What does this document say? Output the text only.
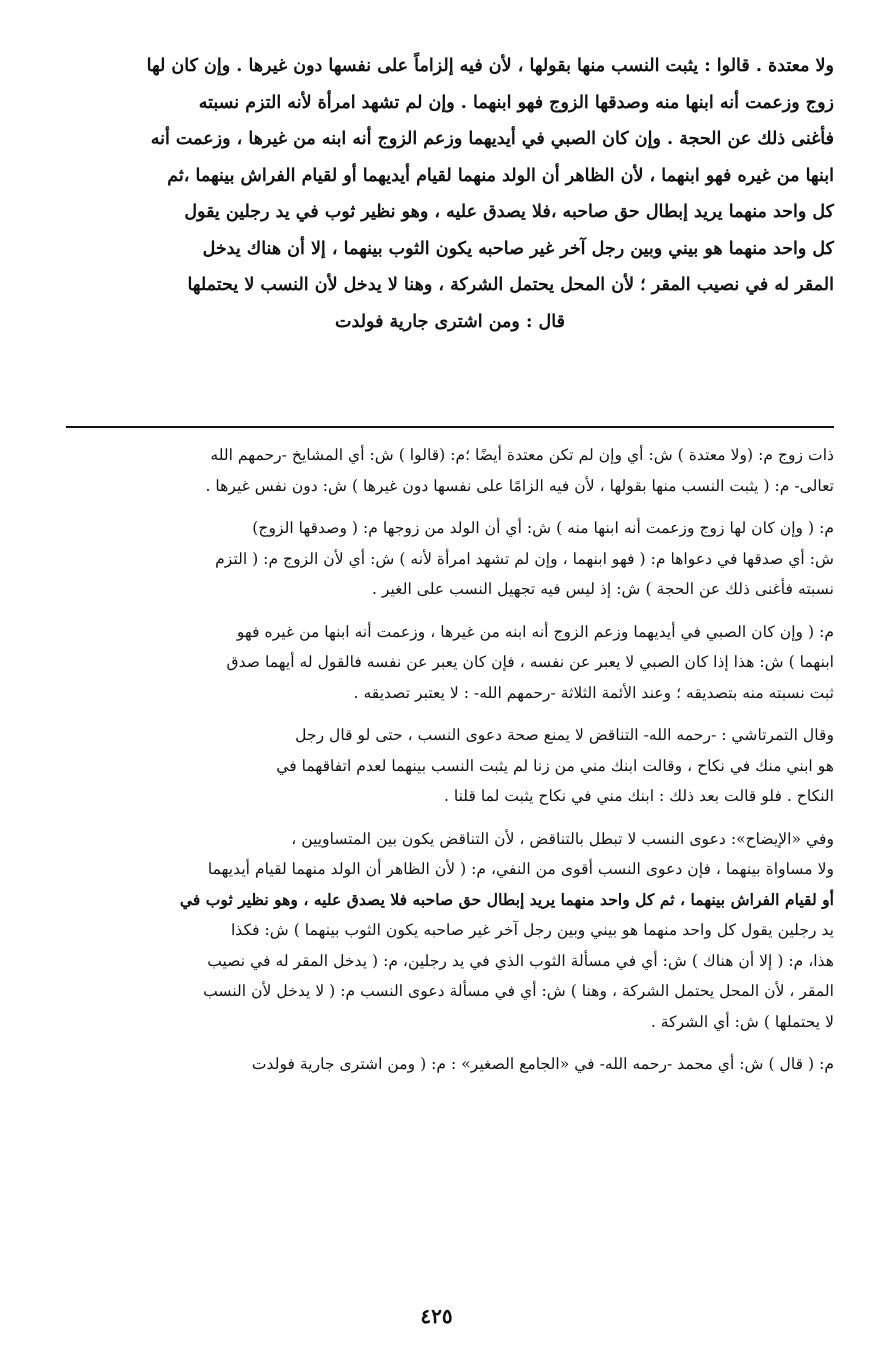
ولا معتدة . قالوا : يثبت النسب منها بقولها ، لأن فيه إلزاماً على نفسها دون غيرها . وإن كان لها

زوج وزعمت أنه ابنها منه وصدقها الزوج فهو ابنهما . وإن لم تشهد امرأة لأنه التزم نسبته

فأغنى ذلك عن الحجة . وإن كان الصبي في أيديهما وزعم الزوج أنه ابنه من غيرها ، وزعمت أنه

ابنها من غيره فهو ابنهما ، لأن الظاهر أن الولد منهما لقيام أيديهما أو لقيام الفراش بينهما ،ثم

كل واحد منهما يريد إبطال حق صاحبه ،فلا يصدق عليه ، وهو نظير ثوب في يد رجلين يقول

كل واحد منهما هو بيني وبين رجل آخر غير صاحبه يكون الثوب بينهما ، إلا أن هناك يدخل

المقر له في نصيب المقر ؛ لأن المحل يحتمل الشركة ، وهنا لا يدخل لأن النسب لا يحتملها

قال : ومن اشترى جارية فولدت

ذات زوج م: (ولا معتدة ) ش: أي وإن لم تكن معتدة أيضًا ؛م: (قالوا ) ش: أي المشايخ -رحمهم الله

تعالى- م: ( يثبت النسب منها بقولها ، لأن فيه الزامًا على نفسها دون غيرها ) ش: دون نفس غيرها .

م: ( وإن كان لها زوج وزعمت أنه ابنها منه ) ش: أي أن الولد من زوجها م: ( وصدقها الزوج)

ش: أي صدقها في دعواها م: ( فهو ابنهما ، وإن لم تشهد امرأة لأنه ) ش: أي لأن الزوج م: ( التزم

نسبته فأغنى ذلك عن الحجة ) ش: إذ ليس فيه تجهيل النسب على الغير .

م: ( وإن كان الصبي في أيديهما وزعم الزوج أنه ابنه من غيرها ، وزعمت أنه ابنها من غيره فهو

ابنهما ) ش: هذا إذا كان الصبي لا يعبر عن نفسه ، فإن كان يعبر عن نفسه فالقول له أيهما صدق

ثبت نسبته منه بتصديقه ؛ وعند الأئمة الثلاثة -رحمهم الله- : لا يعتبر تصديقه .

وقال التمرتاشي : -رحمه الله- التناقض لا يمنع صحة دعوى النسب ، حتى لو قال رجل

هو ابني منك في نكاح ، وقالت ابنك مني من زنا لم يثبت النسب بينهما لعدم اتفاقهما في

النكاح . فلو قالت بعد ذلك : ابنك مني في نكاح يثبت لما قلنا .

وفي «الإيضاح»: دعوى النسب لا تبطل بالتناقض ، لأن التناقض يكون بين المتساويين ،

ولا مساواة بينهما ، فإن دعوى النسب أقوى من النفي، م: ( لأن الظاهر أن الولد منهما لقيام أيديهما

أو لقيام الفراش بينهما ، ثم كل واحد منهما يريد إبطال حق صاحبه فلا يصدق عليه ، وهو نظير ثوب في

يد رجلين يقول كل واحد منهما هو بيني وبين رجل آخر غير صاحبه يكون الثوب بينهما ) ش: فكذا

هذا، م: ( إلا أن هناك ) ش: أي في مسألة الثوب الذي في يد رجلين، م: ( يدخل المقر له في نصيب

المقر ، لأن المحل يحتمل الشركة ، وهنا ) ش: أي في مسألة دعوى النسب م: ( لا يدخل لأن النسب

لا يحتملها ) ش: أي الشركة .

م: ( قال ) ش: أي محمد -رحمه الله- في «الجامع الصغير» : م: ( ومن اشترى جارية فولدت

٤٢٥
